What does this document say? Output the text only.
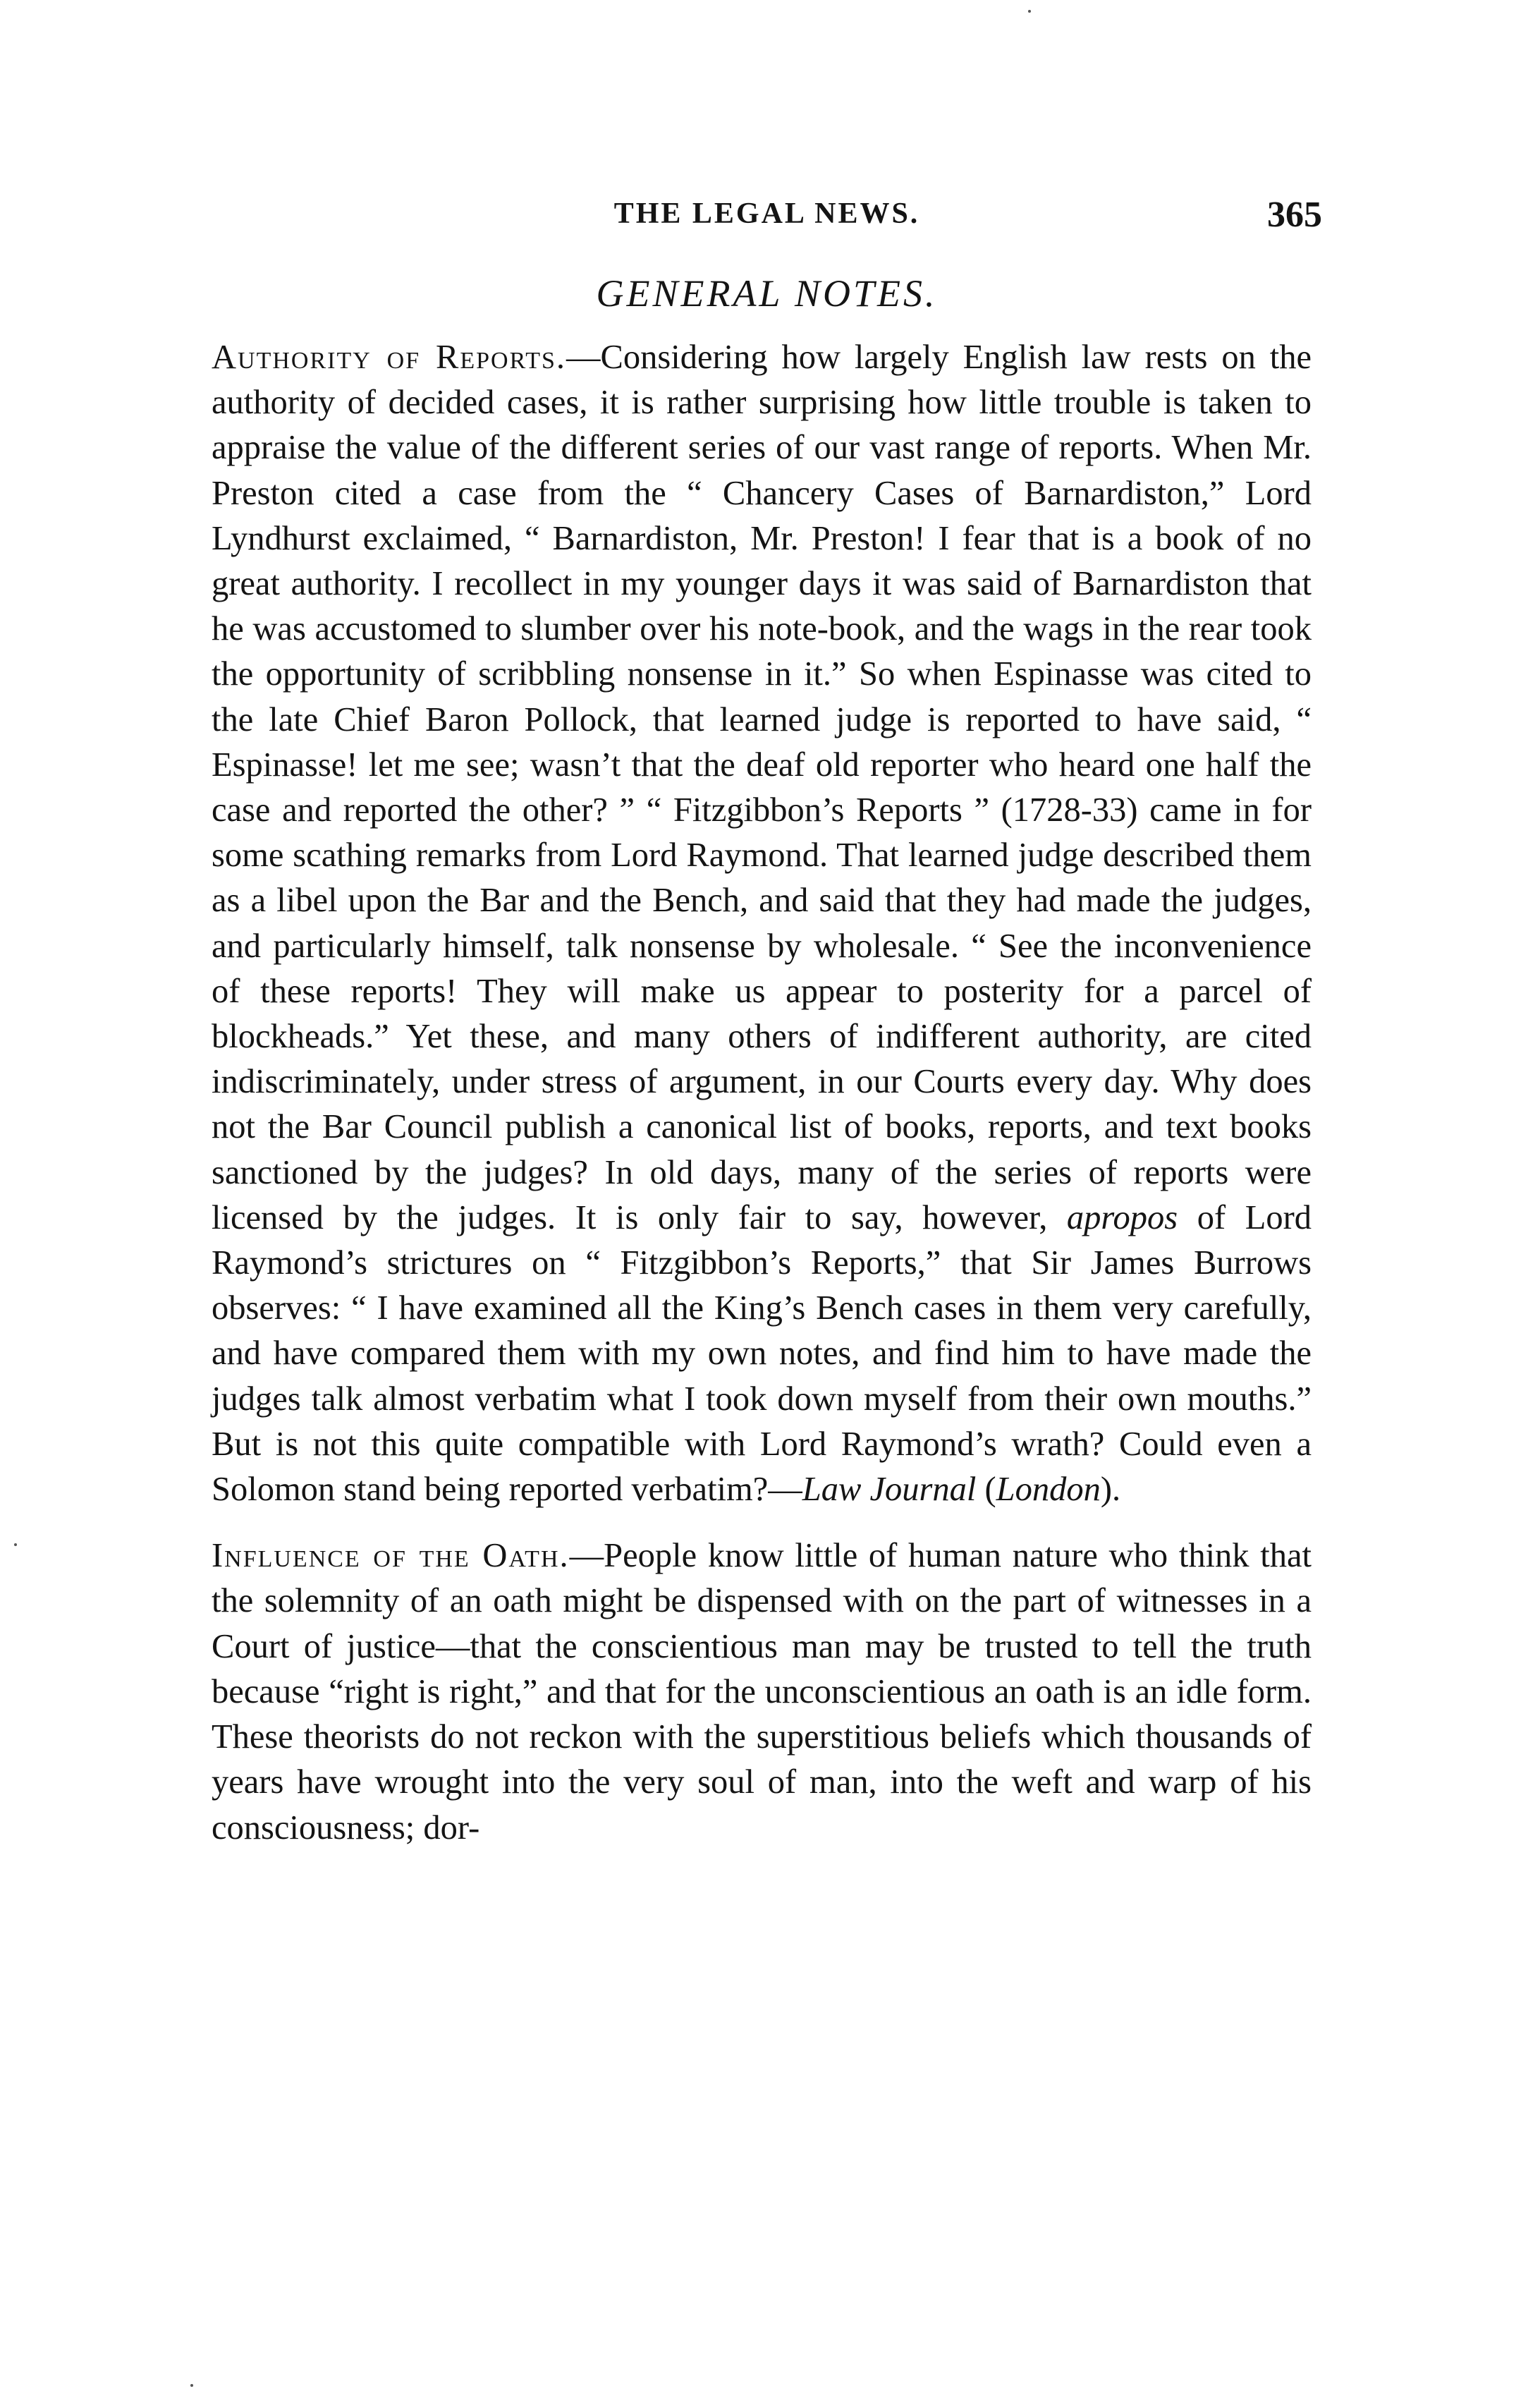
THE LEGAL NEWS.	365
GENERAL NOTES.

Authority of Reports.—Considering how largely English law rests on the authority of decided cases, it is rather surprising how little trouble is taken to appraise the value of the different series of our vast range of reports. When Mr. Preston cited a case from the “ Chancery Cases of Barnardiston,” Lord Lyndhurst exclaimed, “ Barnardiston, Mr. Preston! I fear that is a book of no great authority. I recollect in my younger days it was said of Barnardiston that he was accustomed to slumber over his note-book, and the wags in the rear took the opportunity of scribbling nonsense in it.” So when Espinasse was cited to the late Chief Baron Pollock, that learned judge is reported to have said, “ Espinasse! let me see; wasn’t that the deaf old reporter who heard one half the case and reported the other? ” “ Fitzgibbon’s Reports ” (1728-33) came in for some scathing remarks from Lord Raymond. That learned judge described them as a libel upon the Bar and the Bench, and said that they had made the judges, and particularly himself, talk nonsense by wholesale. “ See the inconvenience of these reports! They will make us appear to posterity for a parcel of blockheads.” Yet these, and many others of indifferent authority, are cited indiscriminately, under stress of argument, in our Courts every day. Why does not the Bar Council publish a canonical list of books, reports, and text books sanctioned by the judges? In old days, many of the series of reports were licensed by the judges. It is only fair to say, however, apropos of Lord Raymond’s strictures on “ Fitzgibbon’s Reports,” that Sir James Burrows observes: “ I have examined all the King’s Bench cases in them very carefully, and have compared them with my own notes, and find him to have made the judges talk almost verbatim what I took down myself from their own mouths.” But is not this quite compatible with Lord Raymond’s wrath? Could even a Solomon stand being reported verbatim?—Law Journal (London).

Influence of the Oath.—People know little of human nature who think that the solemnity of an oath might be dispensed with on the part of witnesses in a Court of justice—that the conscientious man may be trusted to tell the truth because “right is right,” and that for the unconscientious an oath is an idle form. These theorists do not reckon with the superstitious beliefs which thousands of years have wrought into the very soul of man, into the weft and warp of his consciousness; dor-
